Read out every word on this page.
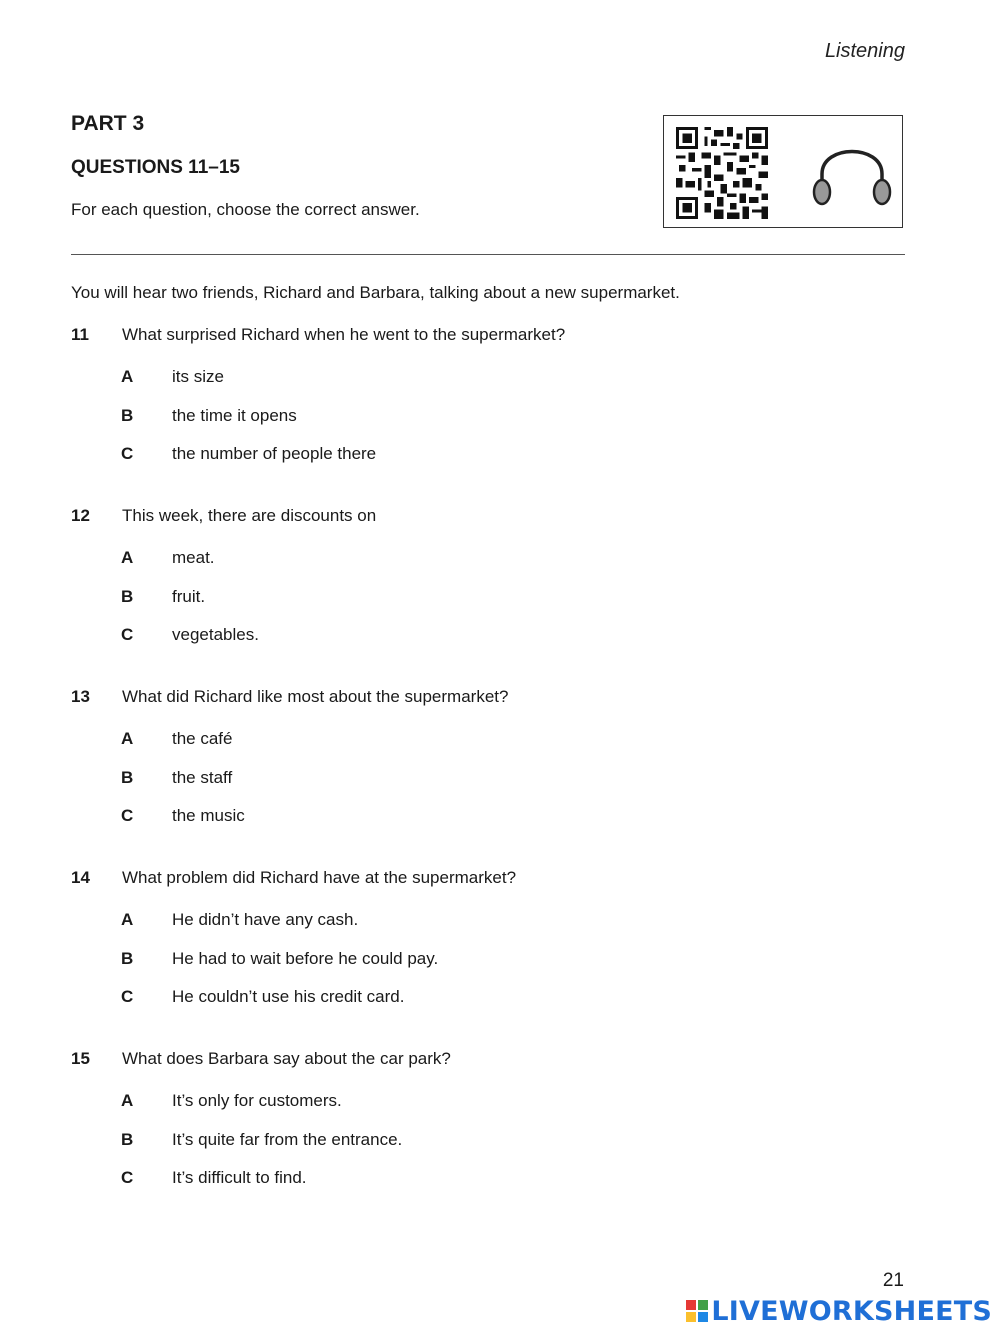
Listening
PART 3
QUESTIONS 11–15
For each question, choose the correct answer.
You will hear two friends, Richard and Barbara, talking about a new supermarket.
11 What surprised Richard when he went to the supermarket?
A its size
B the time it opens
C the number of people there
12 This week, there are discounts on
A meat.
B fruit.
C vegetables.
13 What did Richard like most about the supermarket?
A the café
B the staff
C the music
14 What problem did Richard have at the supermarket?
A He didn’t have any cash.
B He had to wait before he could pay.
C He couldn’t use his credit card.
15 What does Barbara say about the car park?
A It’s only for customers.
B It’s quite far from the entrance.
C It’s difficult to find.
21
LIVEWORKSHEETS
